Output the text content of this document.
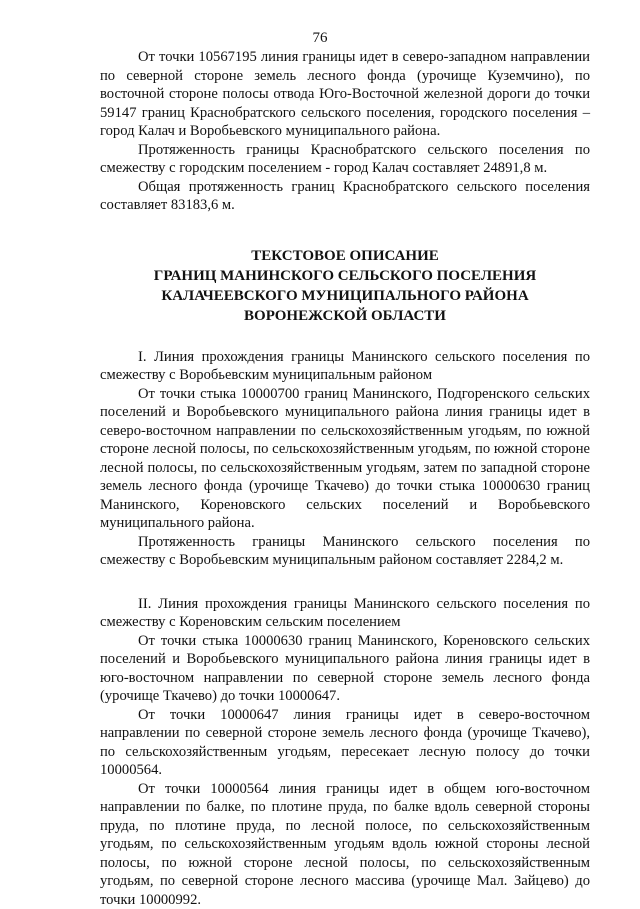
76

От точки 10567195 линия границы идет в северо-западном направлении по северной стороне земель лесного фонда (урочище Куземчино), по восточной стороне полосы отвода Юго-Восточной железной дороги до точки 59147 границ Краснобратского сельского поселения, городского поселения – город Калач и Воробьевского муниципального района.

Протяженность границы Краснобратского сельского поселения по смежеству с городским поселением - город Калач составляет 24891,8 м.

Общая протяженность границ Краснобратского сельского поселения составляет 83183,6 м.

ТЕКСТОВОЕ ОПИСАНИЕ
ГРАНИЦ МАНИНСКОГО СЕЛЬСКОГО ПОСЕЛЕНИЯ
КАЛАЧЕЕВСКОГО МУНИЦИПАЛЬНОГО РАЙОНА
ВОРОНЕЖСКОЙ ОБЛАСТИ

I. Линия прохождения границы Манинского сельского поселения по смежеству с Воробьевским муниципальным районом

От точки стыка 10000700 границ Манинского, Подгоренского сельских поселений и Воробьевского муниципального района линия границы идет в северо-восточном направлении по сельскохозяйственным угодьям, по южной стороне лесной полосы, по сельскохозяйственным угодьям, по южной стороне лесной полосы, по сельскохозяйственным угодьям, затем по западной стороне земель лесного фонда (урочище Ткачево) до точки стыка 10000630 границ Манинского, Кореновского сельских поселений и Воробьевского муниципального района.

Протяженность границы Манинского сельского поселения по смежеству с Воробьевским муниципальным районом составляет 2284,2 м.

II. Линия прохождения границы Манинского сельского поселения по смежеству с Кореновским сельским поселением

От точки стыка 10000630 границ Манинского, Кореновского сельских поселений и Воробьевского муниципального района линия границы идет в юго-восточном направлении по северной стороне земель лесного фонда (урочище Ткачево) до точки 10000647.

От точки 10000647 линия границы идет в северо-восточном направлении по северной стороне земель лесного фонда (урочище Ткачево), по сельскохозяйственным угодьям, пересекает лесную полосу до точки 10000564.

От точки 10000564 линия границы идет в общем юго-восточном направлении по балке, по плотине пруда, по балке вдоль северной стороны пруда, по плотине пруда, по лесной полосе, по сельскохозяйственным угодьям, по сельскохозяйственным угодьям вдоль южной стороны лесной полосы, по южной стороне лесной полосы, по сельскохозяйственным угодьям, по северной стороне лесного массива (урочище Мал. Зайцево) до точки 10000992.
